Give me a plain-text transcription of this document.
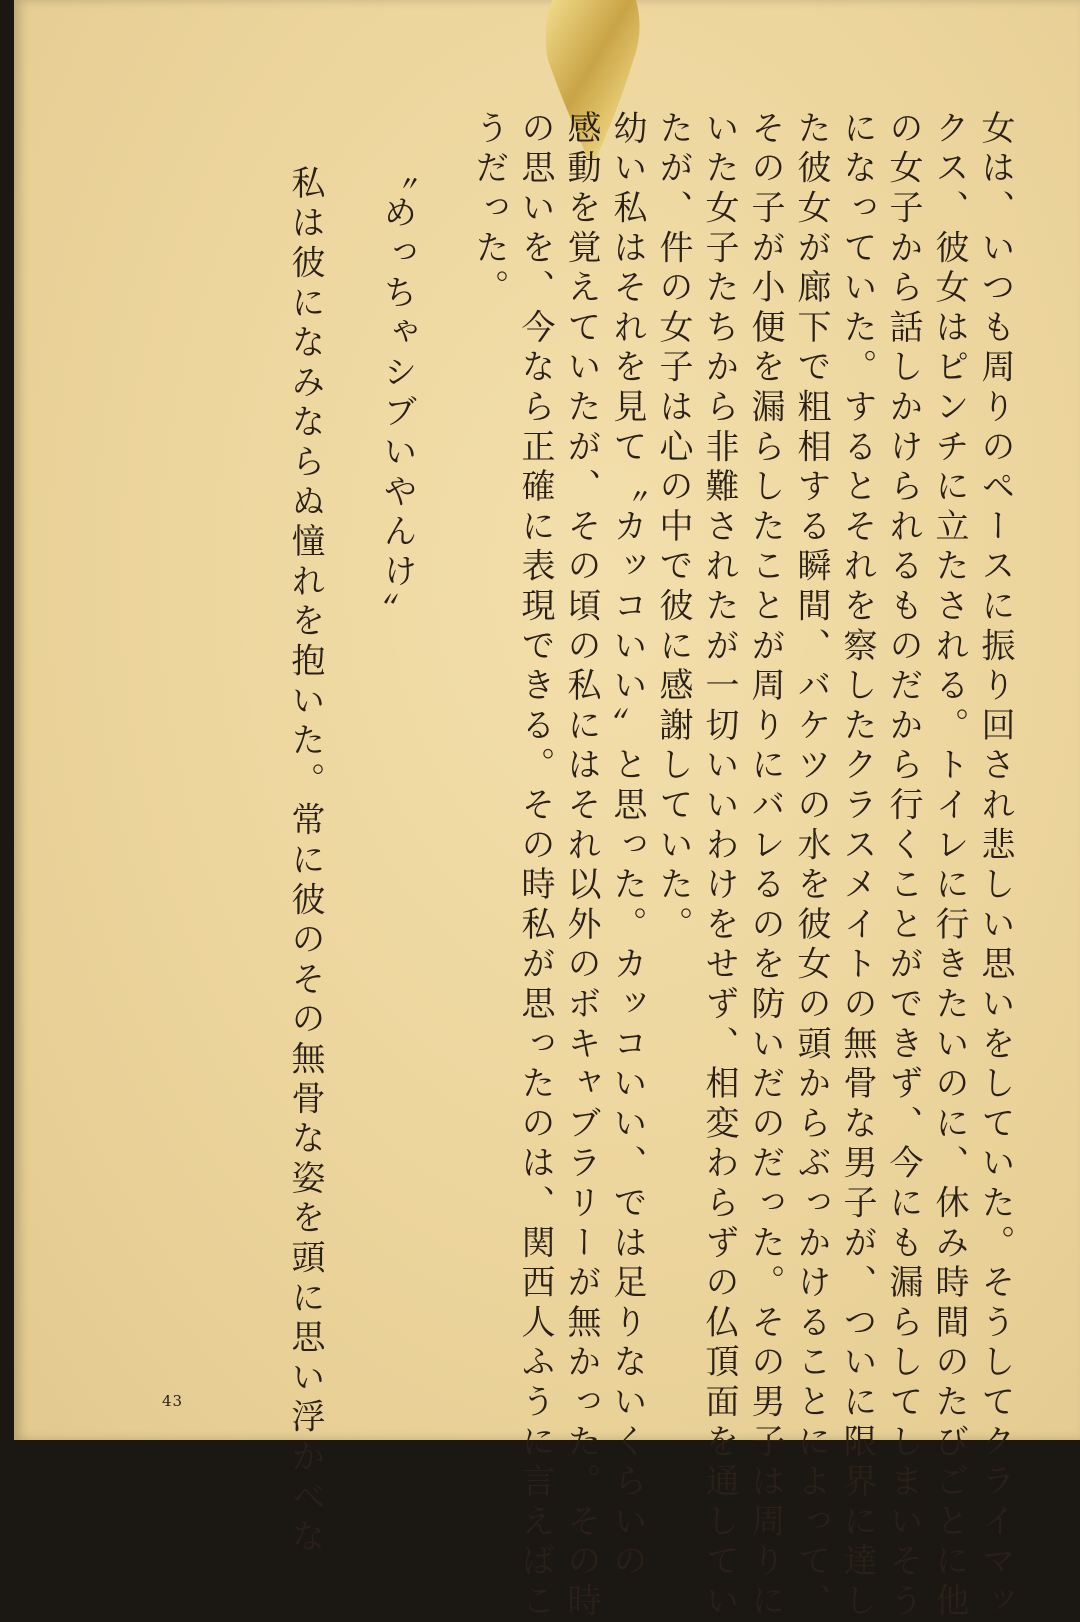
女は、いつも周りのペースに振り回され悲しい思いをしていた。そうしてクライマッ
クス、彼女はピンチに立たされる。トイレに行きたいのに、休み時間のたびごとに他
の女子から話しかけられるものだから行くことができず、今にも漏らしてしまいそう
になっていた。するとそれを察したクラスメイトの無骨な男子が、ついに限界に達し
た彼女が廊下で粗相する瞬間、バケツの水を彼女の頭からぶっかけることによって、
その子が小便を漏らしたことが周りにバレるのを防いだのだった。その男子は周りに
いた女子たちから非難されたが一切いいわけをせず、相変わらずの仏頂面を通してい
たが、件の女子は心の中で彼に感謝していた。
幼い私はそれを見て〝カッコいい〟と思った。カッコいい、では足りないくらいの
感動を覚えていたが、その頃の私にはそれ以外のボキャブラリーが無かった。その時
の思いを、今なら正確に表現できる。その時私が思ったのは、関西人ふうに言えばこ
うだった。
〝めっちゃシブいやんけ〟
私は彼になみならぬ憧れを抱いた。常に彼のその無骨な姿を頭に思い浮かべな
43
